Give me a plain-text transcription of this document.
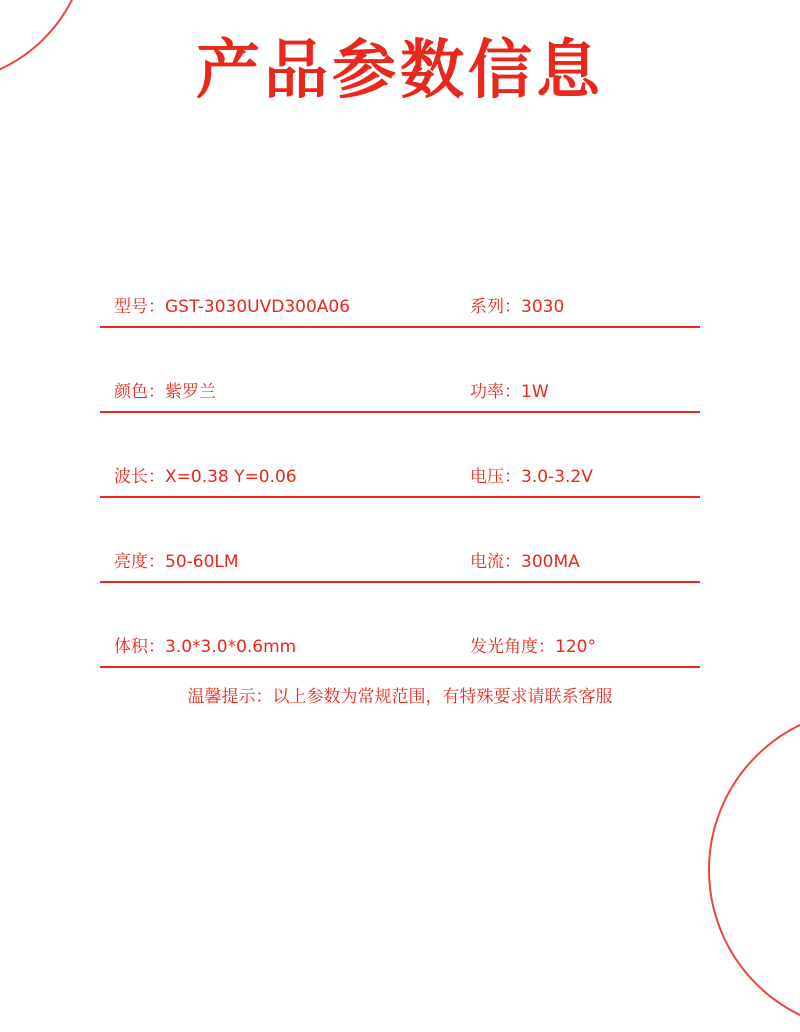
产品参数信息
型号：GST-3030UVD300A06	系列：3030
颜色：紫罗兰	功率：1W
波长：X=0.38 Y=0.06	电压：3.0-3.2V
亮度：50-60LM	电流：300MA
体积：3.0*3.0*0.6mm	发光角度：120°
温馨提示：以上参数为常规范围，有特殊要求请联系客服
